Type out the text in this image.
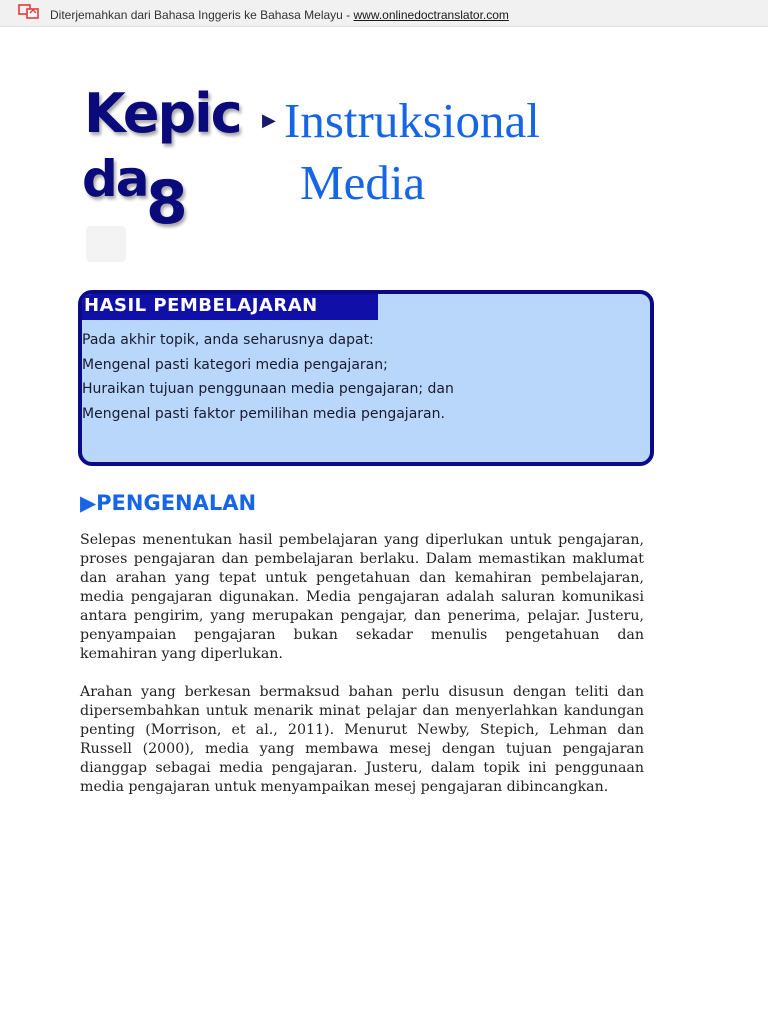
Diterjemahkan dari Bahasa Inggeris ke Bahasa Melayu - www.onlinedoctranslator.com
Kepic
da
8
▶ Instruksional
Media
HASIL PEMBELAJARAN
Pada akhir topik, anda seharusnya dapat:
Mengenal pasti kategori media pengajaran;
Huraikan tujuan penggunaan media pengajaran; dan
Mengenal pasti faktor pemilihan media pengajaran.
▶PENGENALAN
Selepas menentukan hasil pembelajaran yang diperlukan untuk pengajaran, proses pengajaran dan pembelajaran berlaku. Dalam memastikan maklumat dan arahan yang tepat untuk pengetahuan dan kemahiran pembelajaran, media pengajaran digunakan. Media pengajaran adalah saluran komunikasi antara pengirim, yang merupakan pengajar, dan penerima, pelajar. Justeru, penyampaian pengajaran bukan sekadar menulis pengetahuan dan kemahiran yang diperlukan.
Arahan yang berkesan bermaksud bahan perlu disusun dengan teliti dan dipersembahkan untuk menarik minat pelajar dan menyerlahkan kandungan penting (Morrison, et al., 2011). Menurut Newby, Stepich, Lehman dan Russell (2000), media yang membawa mesej dengan tujuan pengajaran dianggap sebagai media pengajaran. Justeru, dalam topik ini penggunaan media pengajaran untuk menyampaikan mesej pengajaran dibincangkan.
